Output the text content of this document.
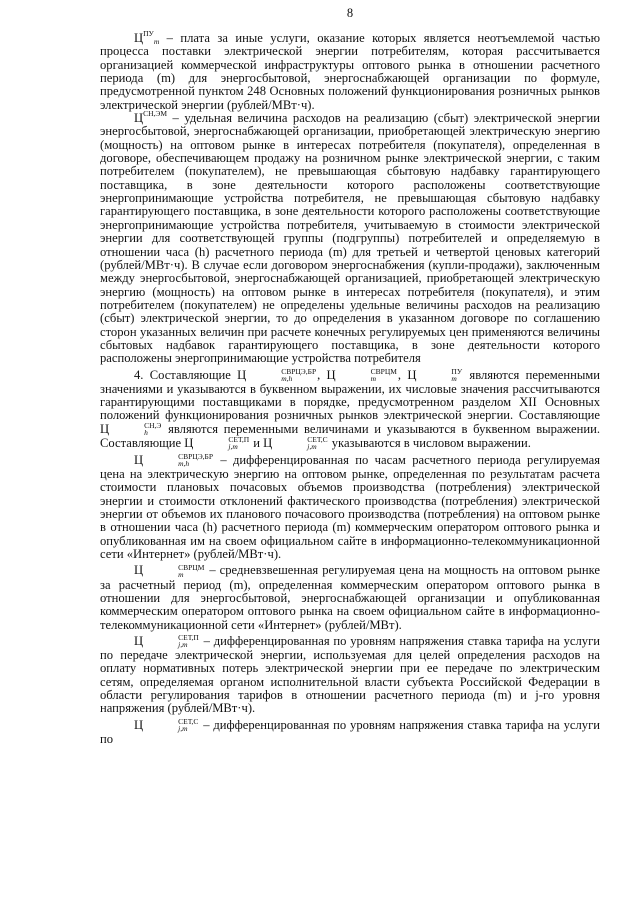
8

$Ц^{ПУ}_m$ – плата за иные услуги, оказание которых является неотъемлемой частью процесса поставки электрической энергии потребителям, которая рассчитывается организацией коммерческой инфраструктуры оптового рынка в отношении расчетного периода (m) для энергосбытовой, энергоснабжающей организации по формуле, предусмотренной пунктом 248 Основных положений функционирования розничных рынков электрической энергии (рублей/МВт·ч).

$Ц^{СН,ЭМ}$ – удельная величина расходов на реализацию (сбыт) электрической энергии энергосбытовой, энергоснабжающей организации, приобретающей электрическую энергию (мощность) на оптовом рынке в интересах потребителя (покупателя), определенная в договоре, обеспечивающем продажу на розничном рынке электрической энергии, с таким потребителем (покупателем), не превышающая сбытовую надбавку гарантирующего поставщика, в зоне деятельности которого расположены соответствующие энергопринимающие устройства потребителя, не превышающая сбытовую надбавку гарантирующего поставщика, в зоне деятельности которого расположены соответствующие энергопринимающие устройства потребителя, учитываемую в стоимости электрической энергии для соответствующей группы (подгруппы) потребителей и определяемую в отношении часа (h) расчетного периода (m) для третьей и четвертой ценовых категорий (рублей/МВт·ч). В случае если договором энергоснабжения (купли-продажи), заключенным между энергосбытовой, энергоснабжающей организацией, приобретающей электрическую энергию (мощность) на оптовом рынке в интересах потребителя (покупателя), и этим потребителем (покупателем) не определены удельные величины расходов на реализацию (сбыт) электрической энергии, то до определения в указанном договоре по соглашению сторон указанных величин при расчете конечных регулируемых цен применяются величины сбытовых надбавок гарантирующего поставщика, в зоне деятельности которого расположены энергопринимающие устройства потребителя

4. Составляющие Ц	СВРЦЭ,БР
m,h	, Ц	СВРЦМ
m	, Ц	ПУ
m являются переменными значениями и указываются в буквенном выражении, их числовые значения рассчитываются гарантирующими поставщиками в порядке, предусмотренном разделом XII Основных положений функционирования розничных рынков электрической энергии. Составляющие Ц	СН,Э
h	являются переменными величинами и указываются в буквенном выражении. Составляющие Ц	СЕТ,П
j,m и Ц	СЕТ,С
j,m указываются в числовом выражении.

Ц	СВРЦЭ,БР
m,h	– дифференцированная по часам расчетного периода регулируемая цена на электрическую энергию на оптовом рынке, определенная по результатам расчета стоимости плановых почасовых объемов производства (потребления) электрической энергии и стоимости отклонений фактического производства (потребления) электрической энергии от объемов их планового почасового производства (потребления) на оптовом рынке в отношении часа (h) расчетного периода (m) коммерческим оператором оптового рынка и опубликованная им на своем официальном сайте в информационно-телекоммуникационной сети «Интернет» (рублей/МВт·ч).

Ц	СВРЦМ
m	– средневзвешенная регулируемая цена на мощность на оптовом рынке за расчетный период (m), определенная коммерческим оператором оптового рынка в отношении для энергосбытовой, энергоснабжающей организации и опубликованная коммерческим оператором оптового рынка на своем официальном сайте в информационно-телекоммуникационной сети «Интернет» (рублей/МВт).

Ц	СЕТ,П
j,m – дифференцированная по уровням напряжения ставка тарифа на услуги по передаче электрической энергии, используемая для целей определения расходов на оплату нормативных потерь электрической энергии при ее передаче по электрическим сетям, определяемая органом исполнительной власти субъекта Российской Федерации в области регулирования тарифов в отношении расчетного периода (m) и j-го уровня напряжения (рублей/МВт·ч).

Ц	СЕТ,С
j,m – дифференцированная по уровням напряжения ставка тарифа на услуги по
